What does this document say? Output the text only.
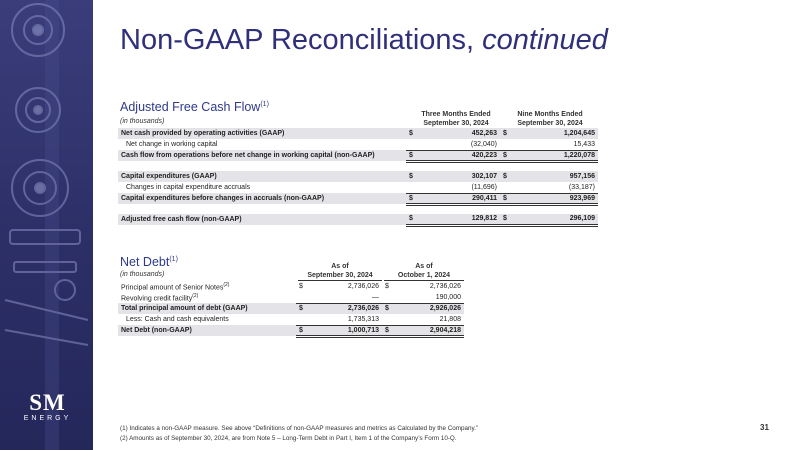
SM
ENERGY
Non-GAAP Reconciliations, continued
Adjusted Free Cash Flow$^{(1)}$
(in thousands)
Three Months Ended
September 30, 2024
Nine Months Ended
September 30, 2024
Net cash provided by operating activities (GAAP)	$	452,263	$	1,204,645
Net change in working capital		(32,040)		15,433
Cash flow from operations before net change in working capital (non-GAAP)	$	420,223	$	1,220,078

Capital expenditures (GAAP)	$	302,107	$	957,156
Changes in capital expenditure accruals		(11,696)		(33,187)
Capital expenditures before changes in accruals (non-GAAP)	$	290,411	$	923,969

Adjusted free cash flow (non-GAAP)	$	129,812	$	296,109
Net Debt$^{(1)}$
(in thousands)
As of
September 30, 2024
As of
October 1, 2024
Principal amount of Senior Notes$^{(2)}$	$	2,736,026	$	2,736,026
Revolving credit facility$^{(2)}$		—		190,000
Total principal amount of debt (GAAP)	$	2,736,026	$	2,926,026
Less: Cash and cash equivalents		1,735,313		21,808
Net Debt (non-GAAP)	$	1,000,713	$	2,904,218
(1) Indicates a non-GAAP measure. See above “Definitions of non-GAAP measures and metrics as Calculated by the Company.”
(2) Amounts as of September 30, 2024, are from Note 5 – Long-Term Debt in Part I, Item 1 of the Company’s Form 10-Q.
31
